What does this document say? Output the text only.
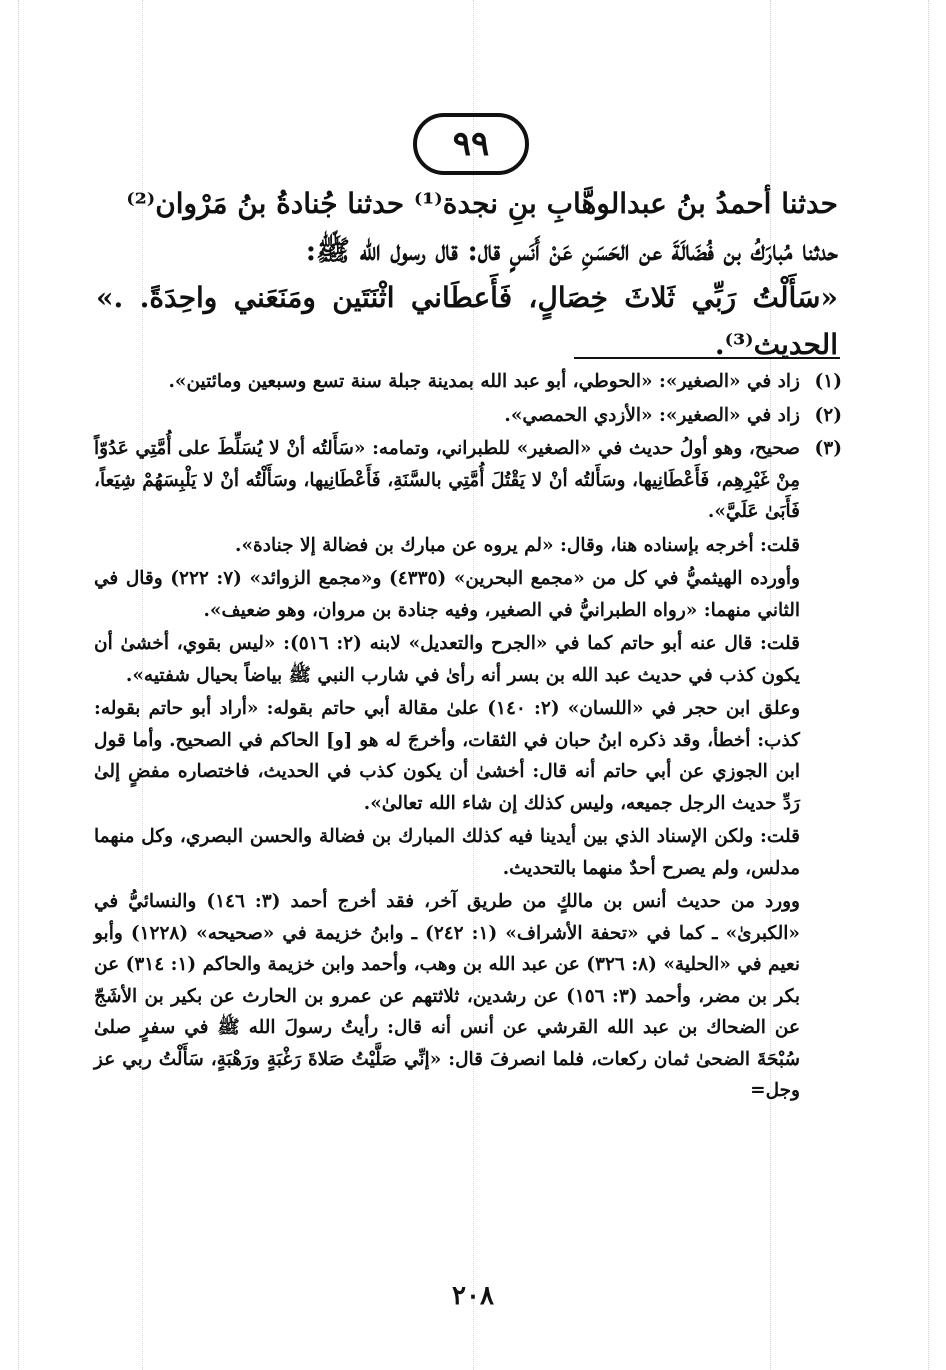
٩٩

حدثنا أحمدُ بنُ عبدالوهَّابِ بنِ نجدة⁽¹⁾ حدثنا جُنادةُ بنُ مَرْوان⁽²⁾

حدثنا مُبارَكُ بن فُضَالَةَ عن الحَسَنِ عَنْ أَنَسٍ قال: قال رسول الله ﷺ:

«سَأَلْتُ رَبِّي ثَلاثَ خِصَالٍ، فَأَعطَاني اثْنَتَين ومَنَعَني واحِدَةً. .» الحديث⁽³⁾.

(١)

زاد في «الصغير»: «الحوطي، أبو عبد الله بمدينة جبلة سنة تسع وسبعين ومائتين».

(٢)

زاد في «الصغير»: «الأزدي الحمصي».

(٣)

صحيح، وهو أولُ حديث في «الصغير» للطبراني، وتمامه: «سَأَلتُه أنْ لا يُسَلِّطَ على أُمَّتِي عَدُوّاً مِنْ غَيْرِهِم، فَأَعْطَانِيها، وسَأَلتُه أنْ لا يَقْتُلَ أُمَّتِي بالسَّنَةِ، فَأَعْطَانِيها، وسَأَلْتُه أنْ لا يَلْبِسَهُمْ شِيَعاً، فَأَبَىٰ عَلَيَّ».

قلت: أخرجه بإسناده هنا، وقال: «لم يروه عن مبارك بن فضالة إلا جنادة».

وأورده الهيثميُّ في كل من «مجمع البحرين» (٤٣٣٥) و«مجمع الزوائد» (٧: ٢٢٢) وقال في الثاني منهما: «رواه الطبرانيُّ في الصغير، وفيه جنادة بن مروان، وهو ضعيف».

قلت: قال عنه أبو حاتم كما في «الجرح والتعديل» لابنه (٢: ٥١٦): «ليس بقوي، أخشىٰ أن يكون كذب في حديث عبد الله بن بسر أنه رأىٰ في شارب النبي ﷺ بياضاً بحيال شفتيه».

وعلق ابن حجر في «اللسان» (٢: ١٤٠) علىٰ مقالة أبي حاتم بقوله: «أراد أبو حاتم بقوله: كذب: أخطأ، وقد ذكره ابنُ حبان في الثقات، وأخرجَ له هو [و] الحاكم في الصحيح. وأما قول ابن الجوزي عن أبي حاتم أنه قال: أخشىٰ أن يكون كذب في الحديث، فاختصاره مفضٍ إلىٰ رَدِّ حديث الرجل جميعه، وليس كذلك إن شاء الله تعالىٰ».

قلت: ولكن الإسناد الذي بين أيدينا فيه كذلك المبارك بن فضالة والحسن البصري، وكل منهما مدلس، ولم يصرح أحدٌ منهما بالتحديث.

وورد من حديث أنس بن مالكٍ من طريق آخر، فقد أخرج أحمد (٣: ١٤٦) والنسائيُّ في «الكبرىٰ» ـ كما في «تحفة الأشراف» (١: ٢٤٢) ـ وابنُ خزيمة في «صحيحه» (١٢٢٨) وأبو نعيم في «الحلية» (٨: ٣٢٦) عن عبد الله بن وهب، وأحمد وابن خزيمة والحاكم (١: ٣١٤) عن بكر بن مضر، وأحمد (٣: ١٥٦) عن رشدين، ثلاثتهم عن عمرو بن الحارث عن بكير بن الأشَجّ عن الضحاك بن عبد الله القرشي عن أنس أنه قال: رأيتُ رسولَ الله ﷺ في سفرٍ صلىٰ سُبْحَةَ الضحىٰ ثمان ركعات، فلما انصرفَ قال: «إنِّي صَلَّيْتُ صَلاةَ رَغْبَةٍ ورَهْبَةٍ، سَأَلْتُ ربي عز وجل=

٢٠٨
